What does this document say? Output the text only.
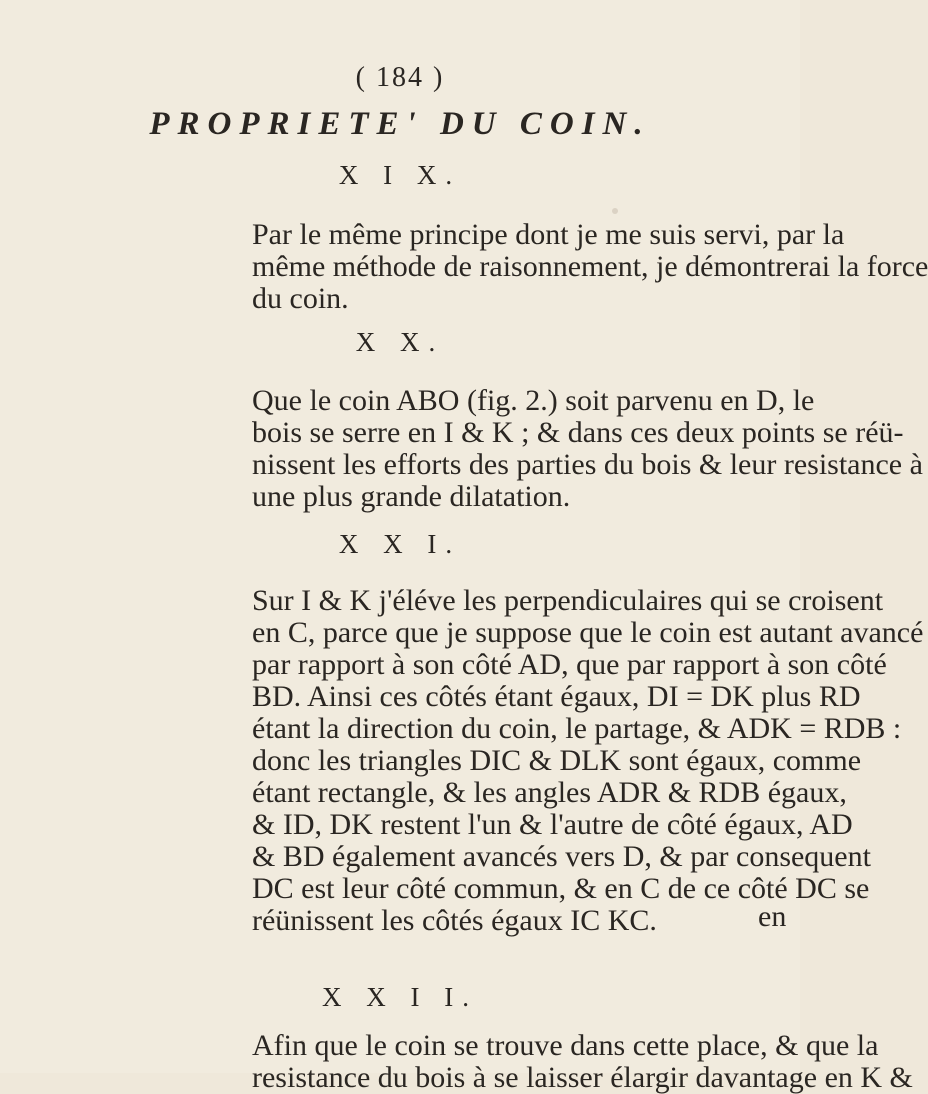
( 184 )
PROPRIETE' DU COIN.
X I X.
Par le même principe dont je me suis servi, par la
même méthode de raisonnement, je démontrerai la force
du coin.
X X.
Que le coin ABO (fig. 2.) soit parvenu en D, le
bois se serre en I & K ; & dans ces deux points se réü-
nissent les efforts des parties du bois & leur resistance à
une plus grande dilatation.
X X I.
Sur I & K j'éléve les perpendiculaires qui se croisent
en C, parce que je suppose que le coin est autant avancé
par rapport à son côté AD, que par rapport à son côté
BD. Ainsi ces côtés étant égaux, DI = DK plus RD
étant la direction du coin, le partage, & ADK = RDB :
donc les triangles DIC & DLK sont égaux, comme
étant rectangle, & les angles ADR & RDB égaux,
& ID, DK restent l'un & l'autre de côté égaux, AD
& BD également avancés vers D, & par consequent
DC est leur côté commun, & en C de ce côté DC se
réünissent les côtés égaux IC KC.
X X I I.
Afin que le coin se trouve dans cette place, & que la
resistance du bois à se laisser élargir davantage en K &
en
